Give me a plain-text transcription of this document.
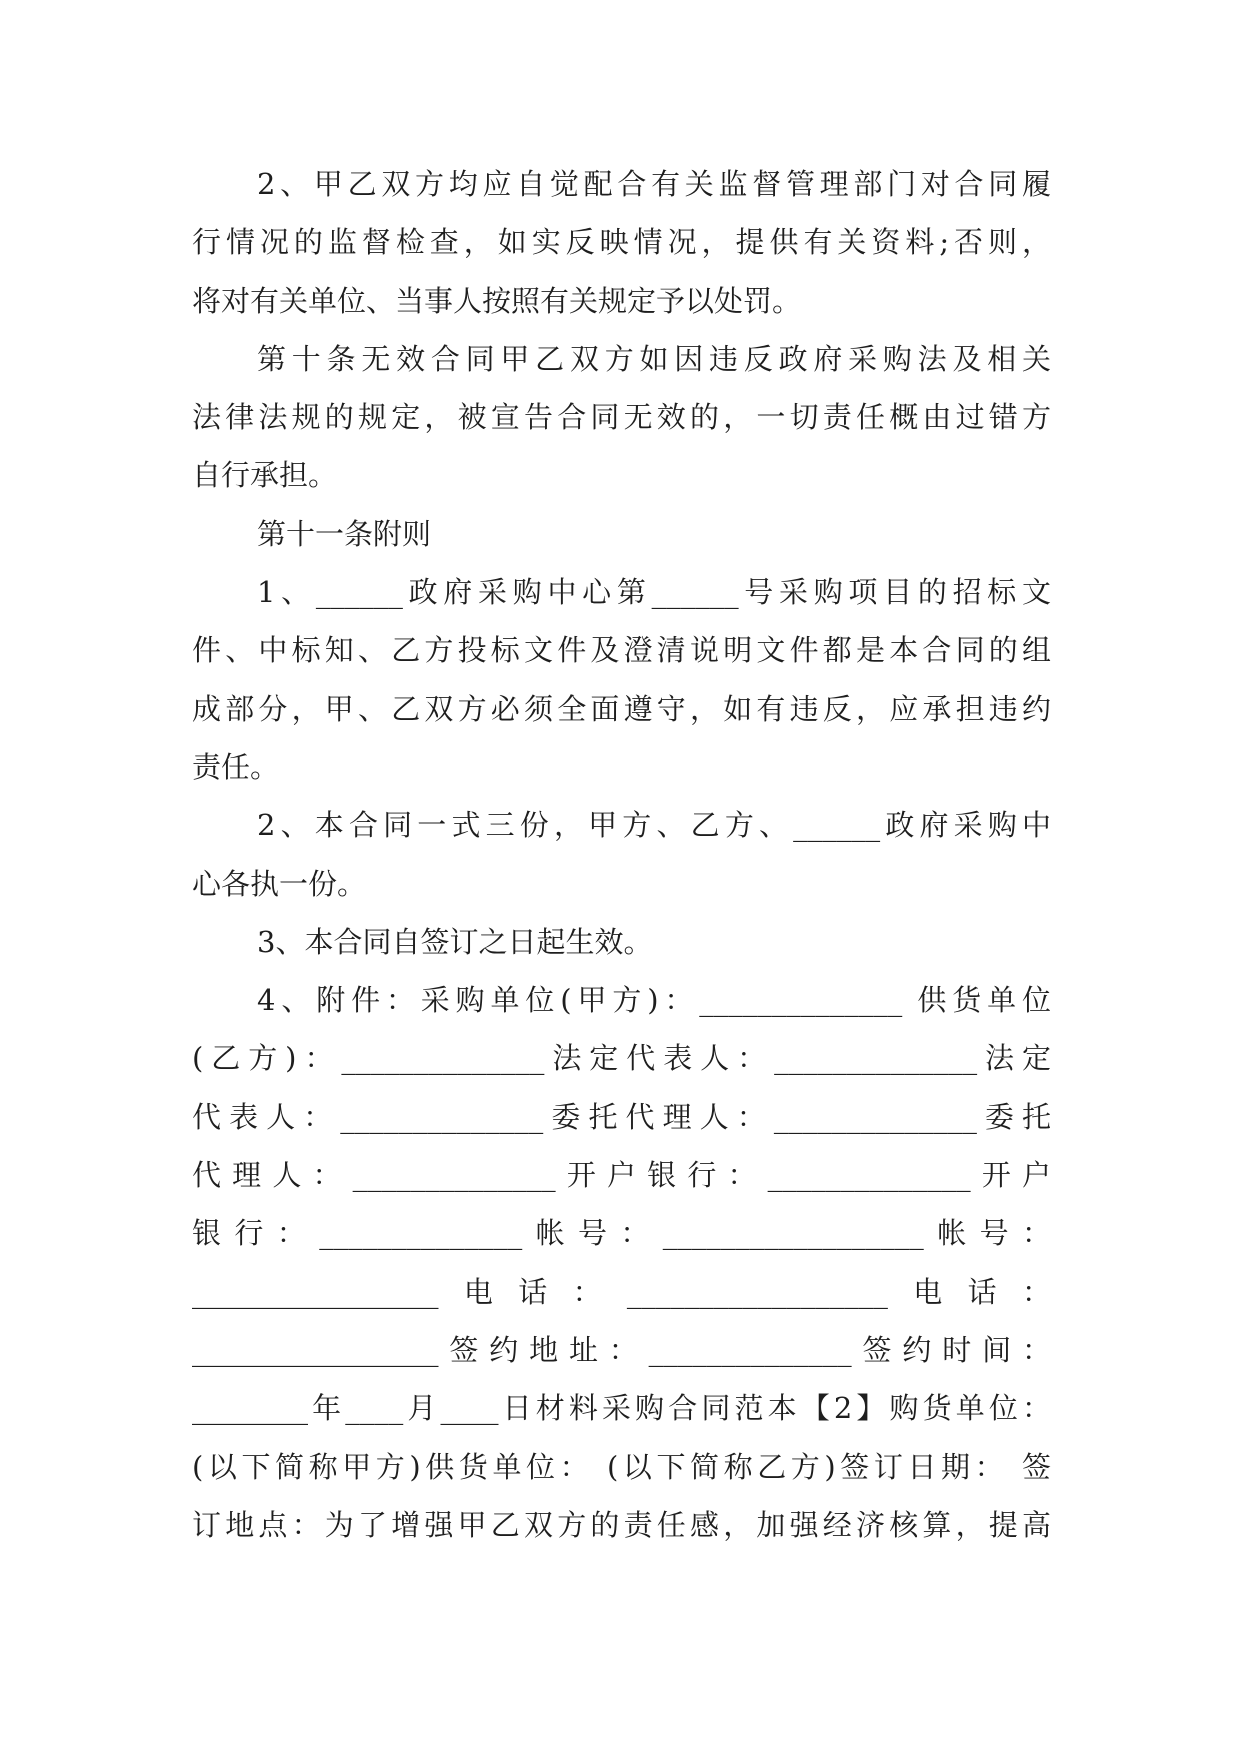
2、甲乙双方均应自觉配合有关监督管理部门对合同履
行情况的监督检查，如实反映情况，提供有关资料;否则，
将对有关单位、当事人按照有关规定予以处罚。
第十条无效合同甲乙双方如因违反政府采购法及相关
法律法规的规定，被宣告合同无效的，一切责任概由过错方
自行承担。
第十一条附则
1、______政府采购中心第______号采购项目的招标文
件、中标知、乙方投标文件及澄清说明文件都是本合同的组
成部分，甲、乙双方必须全面遵守，如有违反，应承担违约
责任。
2、本合同一式三份，甲方、乙方、______政府采购中
心各执一份。
3、本合同自签订之日起生效。
4、附件：采购单位(甲方)：______________ 供货单位
(乙方)：______________法定代表人：______________法定
代表人：______________委托代理人：______________委托
代理人：______________开户银行：______________开户
银行：______________帐号：__________________帐号：
_________________电话：__________________电话：
_________________签约地址：______________签约时间：
________年____月____日材料采购合同范本【2】购货单位：
(以下简称甲方)供货单位： (以下简称乙方)签订日期： 签
订地点：为了增强甲乙双方的责任感，加强经济核算，提高
